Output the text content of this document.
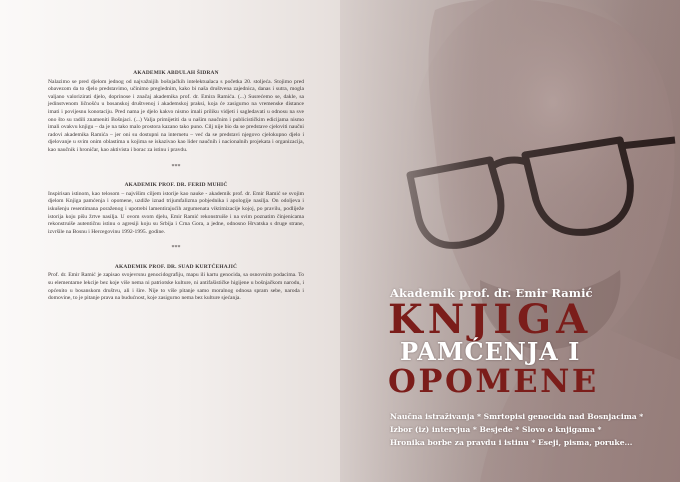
AKADEMIK ABDULAH ŠIDRAN

Nalazimo se pred djelom jednog od najvažnijih bošnjačkih intelektualaca s početka 20. stoljeća. Stojimo pred obavezom da to djelo predstavimo, učinimo preglednim, kako bi naša društvena zajednica, danas i sutra, mogla valjano valorizirati djelo, doprinose i značaj akademika prof. dr. Emira Ramića. (...) Susrećemo se, dakle, sa jedinstvenom ličnošću u bosanskoj društvenoj i akademskoj praksi, koja će zasigurno na vremenske distance imati i povijesnu konotaciju. Pred nama je djelo kakvo nismo imali priliku vidjeti i sagledavati u odnosu na sve ono što su radili znameniti Bošnjaci. (...) Valja primijetiti da u našim naučnim i publicističkim edicijama nismo imali ovakvu knjigu – da je na tako malo prostora kazano tako puno. Cilj nije bio da se predstave cjeloviti naučni radovi akademika Ramića – jer oni su dostupni na internetu – već da se predstavi njegovo cjelokupno djelo i djelovanje u svim onim oblastima u kojima se iskazivao kao lider naučnih i nacionalnih projekata i organizacija, kao naučnik i hroničar, kao aktivista i borac za istinu i pravdu.

***
AKADEMIK PROF. DR. FERID MUHIĆ

Inspirisan istinom, kao telosom – najvišim ciljem istorije kao nauke - akademik prof. dr. Emir Ramić se svojim djelom Knjiga pamćenja i opomene, uzdiže iznad trijumfalizma pobjednika i apologije nasilja. On odoljeva i iskušenju resentimana poraženog i upotrebi lamentirajućih argumenata viktimizacije kojoj, po pravilu, podliježe istorija koju pišu žrtve nasilja. U ovom svom djelu, Emir Ramić rekonstruiše i na svim poznatim činjenicama rekonstruiše autentičnu istinu o agresiji koju su Srbija i Crna Gora, a jedne, odnosno Hrvatska s druge strane, izvršile na Bosnu i Hercegovinu 1992-1995. godine.

***
AKADEMIK PROF. DR. SUAD KURTĆEHAJIĆ

Prof. dr. Emir Ramić je zapisao svojevrsnu genocidografiju, mapu ili kartu genocida, sa osnovnim podacima. To su elementarne lekcije bez koje više nema ni patriotske kulture, ni antifašističke higijene u bošnjačkom narodu, i općenito u bosanskom društvu, ali i šire. Nije to više pitanje samo moralnog odnosa spram sebe, naroda i domovine, to je pitanje prava na budućnost, koje zasigurno nema bez kulture sjećanja.	Akademik prof. dr. Emir Ramić
KNJIGA
PAMĆENJA I
OPOMENE
Naučna istraživanja * Smrtopisi genocida nad Bosnjacima *
Izbor (iz) intervjua * Besjede * Slovo o knjigama *
Hronika borbe za pravdu i istinu * Eseji, pisma, poruke...
